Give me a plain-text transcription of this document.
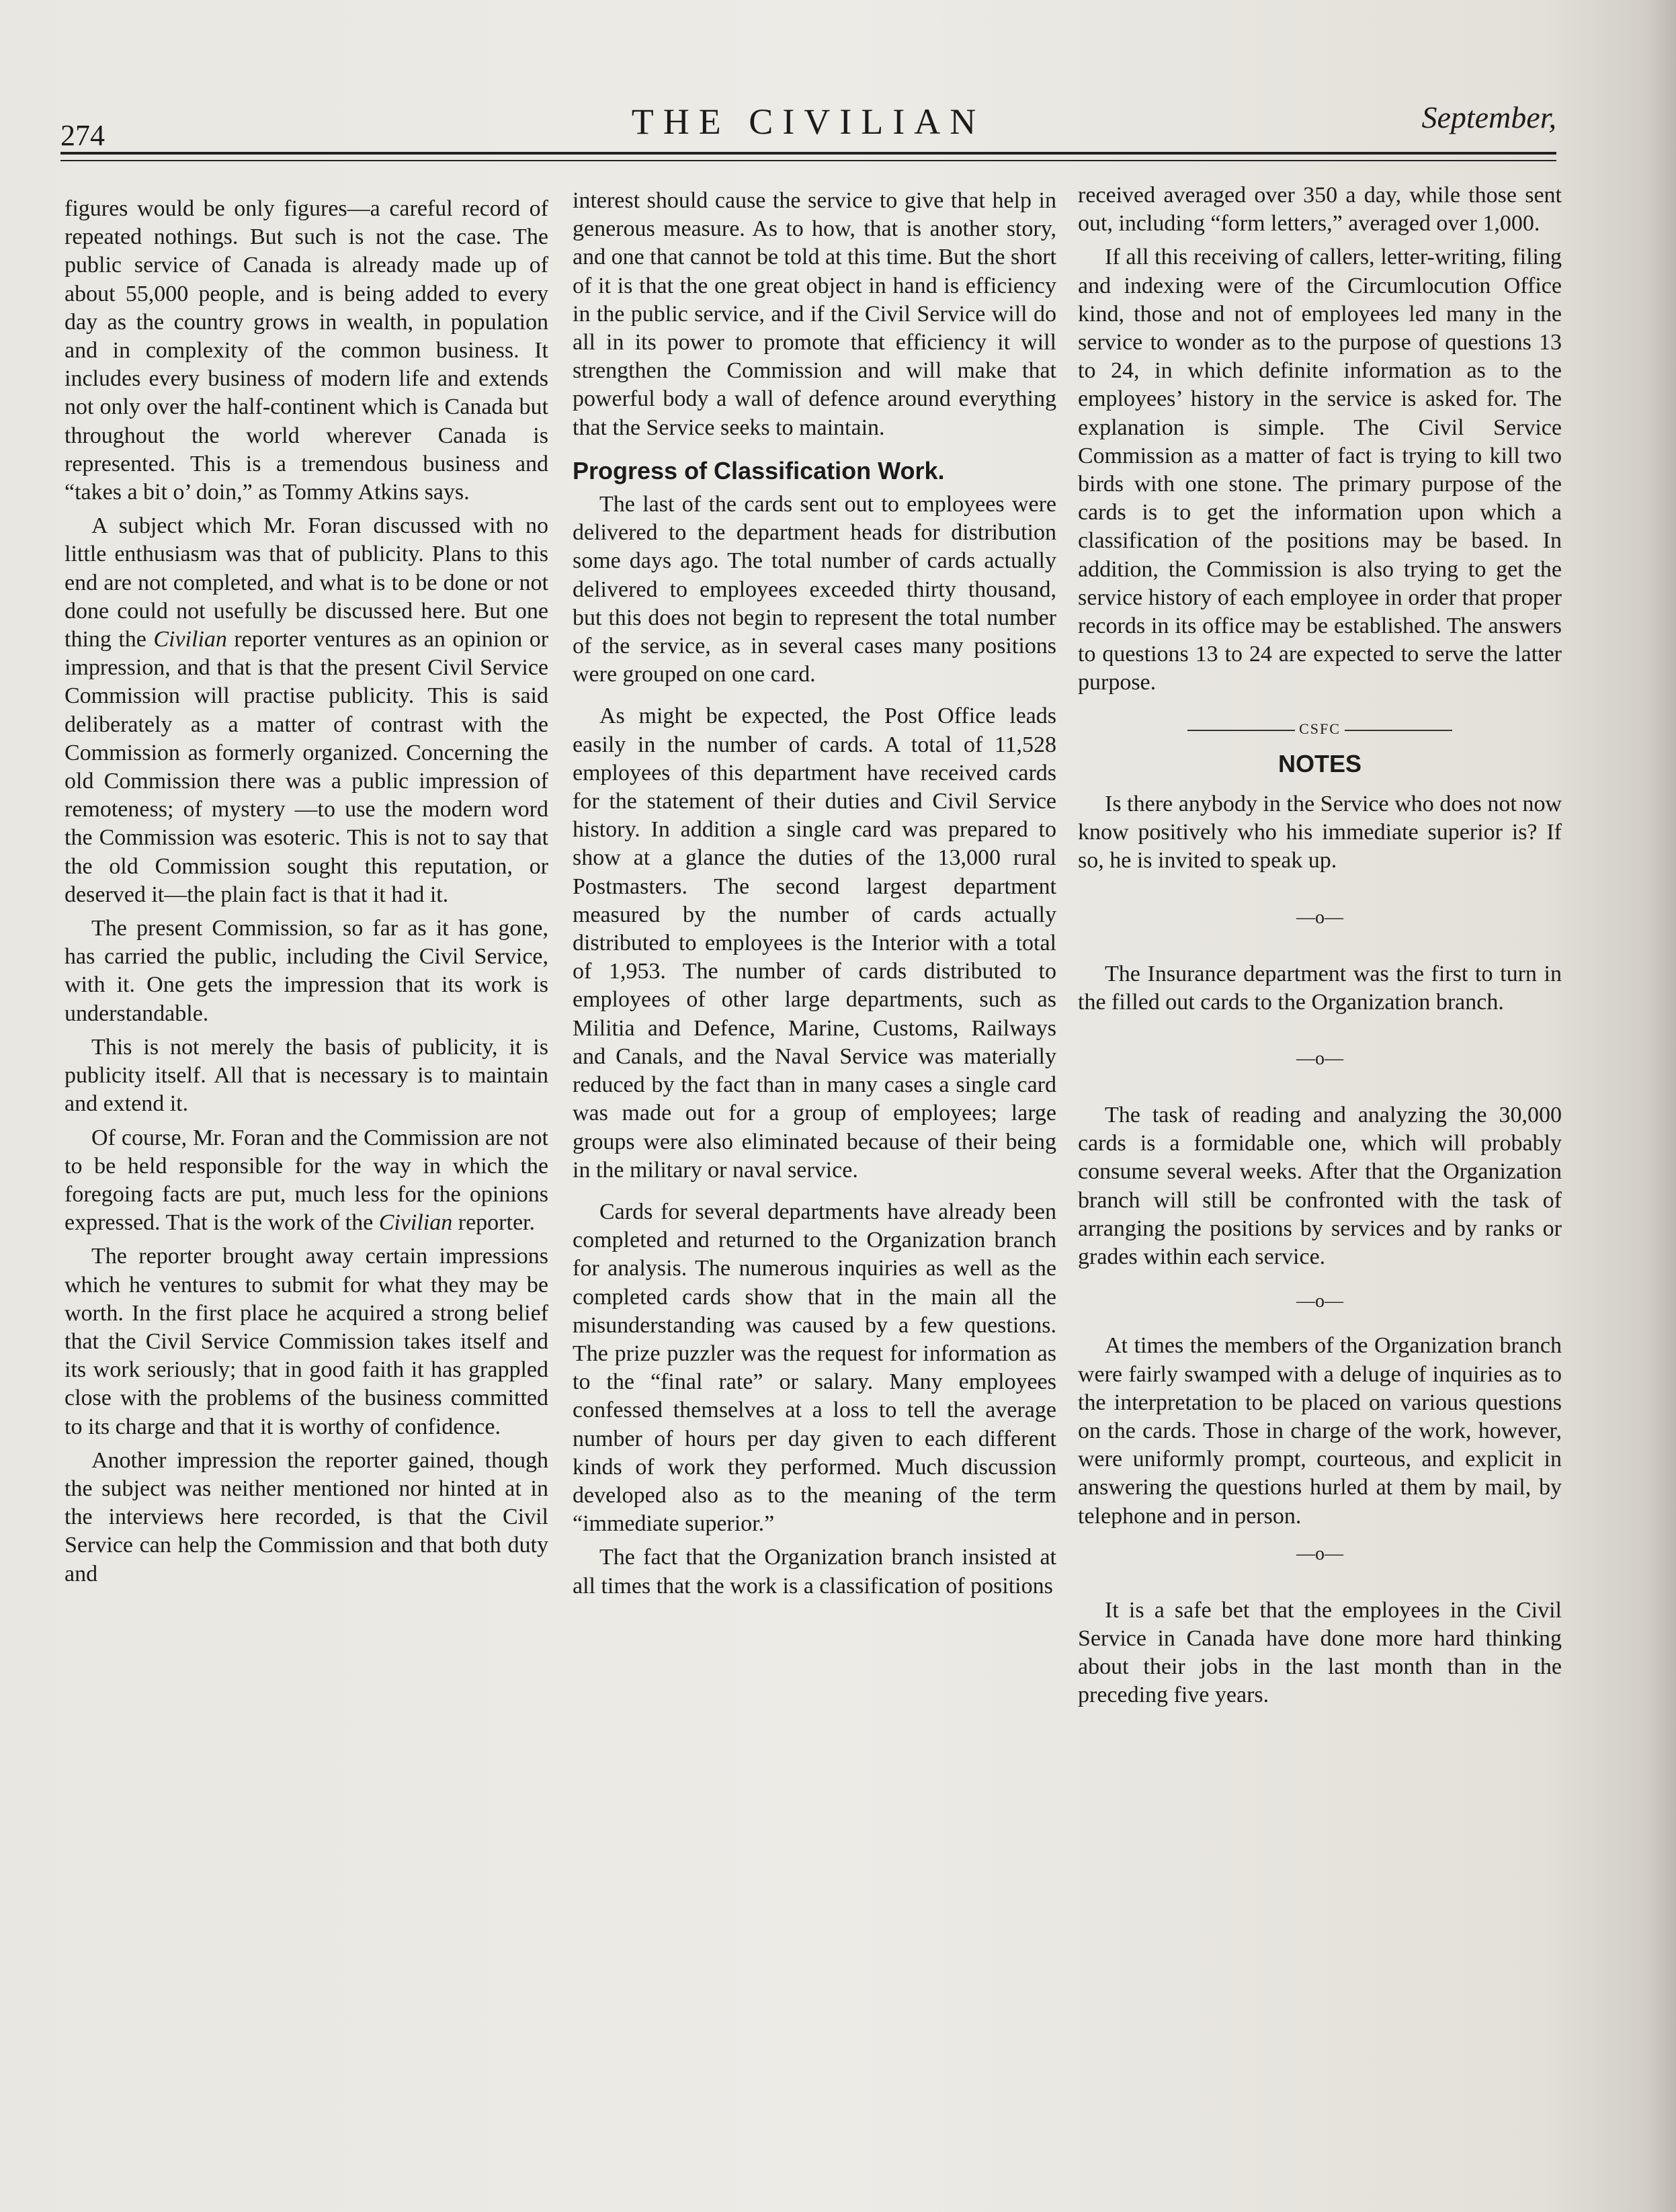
274	THE CIVILIAN	September,

figures would be only figures—a careful record of repeated nothings. But such is not the case. The public service of Canada is already made up of about 55,000 people, and is being added to every day as the country grows in wealth, in population and in complexity of the common business. It includes every business of modern life and extends not only over the half-continent which is Canada but throughout the world wherever Canada is represented. This is a tremendous business and “takes a bit o’ doin,” as Tommy Atkins says.

A subject which Mr. Foran discussed with no little enthusiasm was that of publicity. Plans to this end are not completed, and what is to be done or not done could not usefully be discussed here. But one thing the Civilian reporter ventures as an opinion or impression, and that is that the present Civil Service Commission will practise publicity. This is said deliberately as a matter of contrast with the Commission as formerly organized. Concerning the old Commission there was a public impression of remoteness; of mystery —to use the modern word the Commission was esoteric. This is not to say that the old Commission sought this reputation, or deserved it—the plain fact is that it had it.

The present Commission, so far as it has gone, has carried the public, including the Civil Service, with it. One gets the impression that its work is understandable.

This is not merely the basis of publicity, it is publicity itself. All that is necessary is to maintain and extend it.

Of course, Mr. Foran and the Commission are not to be held responsible for the way in which the foregoing facts are put, much less for the opinions expressed. That is the work of the Civilian reporter.

The reporter brought away certain impressions which he ventures to submit for what they may be worth. In the first place he acquired a strong belief that the Civil Service Commission takes itself and its work seriously; that in good faith it has grappled close with the problems of the business committed to its charge and that it is worthy of confidence.

Another impression the reporter gained, though the subject was neither mentioned nor hinted at in the interviews here recorded, is that the Civil Service can help the Commission and that both duty and

interest should cause the service to give that help in generous measure. As to how, that is another story, and one that cannot be told at this time. But the short of it is that the one great object in hand is efficiency in the public service, and if the Civil Service will do all in its power to promote that efficiency it will strengthen the Commission and will make that powerful body a wall of defence around everything that the Service seeks to maintain.

Progress of Classification Work.

The last of the cards sent out to employees were delivered to the department heads for distribution some days ago. The total number of cards actually delivered to employees exceeded thirty thousand, but this does not begin to represent the total number of the service, as in several cases many positions were grouped on one card.

As might be expected, the Post Office leads easily in the number of cards. A total of 11,528 employees of this department have received cards for the statement of their duties and Civil Service history. In addition a single card was prepared to show at a glance the duties of the 13,000 rural Postmasters. The second largest department measured by the number of cards actually distributed to employees is the Interior with a total of 1,953. The number of cards distributed to employees of other large departments, such as Militia and Defence, Marine, Customs, Railways and Canals, and the Naval Service was materially reduced by the fact than in many cases a single card was made out for a group of employees; large groups were also eliminated because of their being in the military or naval service.

Cards for several departments have already been completed and returned to the Organization branch for analysis. The numerous inquiries as well as the completed cards show that in the main all the misunderstanding was caused by a few questions. The prize puzzler was the request for information as to the “final rate” or salary. Many employees confessed themselves at a loss to tell the average number of hours per day given to each different kinds of work they performed. Much discussion developed also as to the meaning of the term “immediate superior.”

The fact that the Organization branch insisted at all times that the work is a classification of positions

received averaged over 350 a day, while those sent out, including “form letters,” averaged over 1,000.

If all this receiving of callers, letter-writing, filing and indexing were of the Circumlocution Office kind, those and not of employees led many in the service to wonder as to the purpose of questions 13 to 24, in which definite information as to the employees’ history in the service is asked for. The explanation is simple. The Civil Service Commission as a matter of fact is trying to kill two birds with one stone. The primary purpose of the cards is to get the information upon which a classification of the positions may be based. In addition, the Commission is also trying to get the service history of each employee in order that proper records in its office may be established. The answers to questions 13 to 24 are expected to serve the latter purpose.

CSFC
NOTES

Is there anybody in the Service who does not now know positively who his immediate superior is? If so, he is invited to speak up.

—o—

The Insurance department was the first to turn in the filled out cards to the Organization branch.

—o—

The task of reading and analyzing the 30,000 cards is a formidable one, which will probably consume several weeks. After that the Organization branch will still be confronted with the task of arranging the positions by services and by ranks or grades within each service.

—o—

At times the members of the Organization branch were fairly swamped with a deluge of inquiries as to the interpretation to be placed on various questions on the cards. Those in charge of the work, however, were uniformly prompt, courteous, and explicit in answering the questions hurled at them by mail, by telephone and in person.

—o—

It is a safe bet that the employees in the Civil Service in Canada have done more hard thinking about their jobs in the last month than in the preceding five years.
